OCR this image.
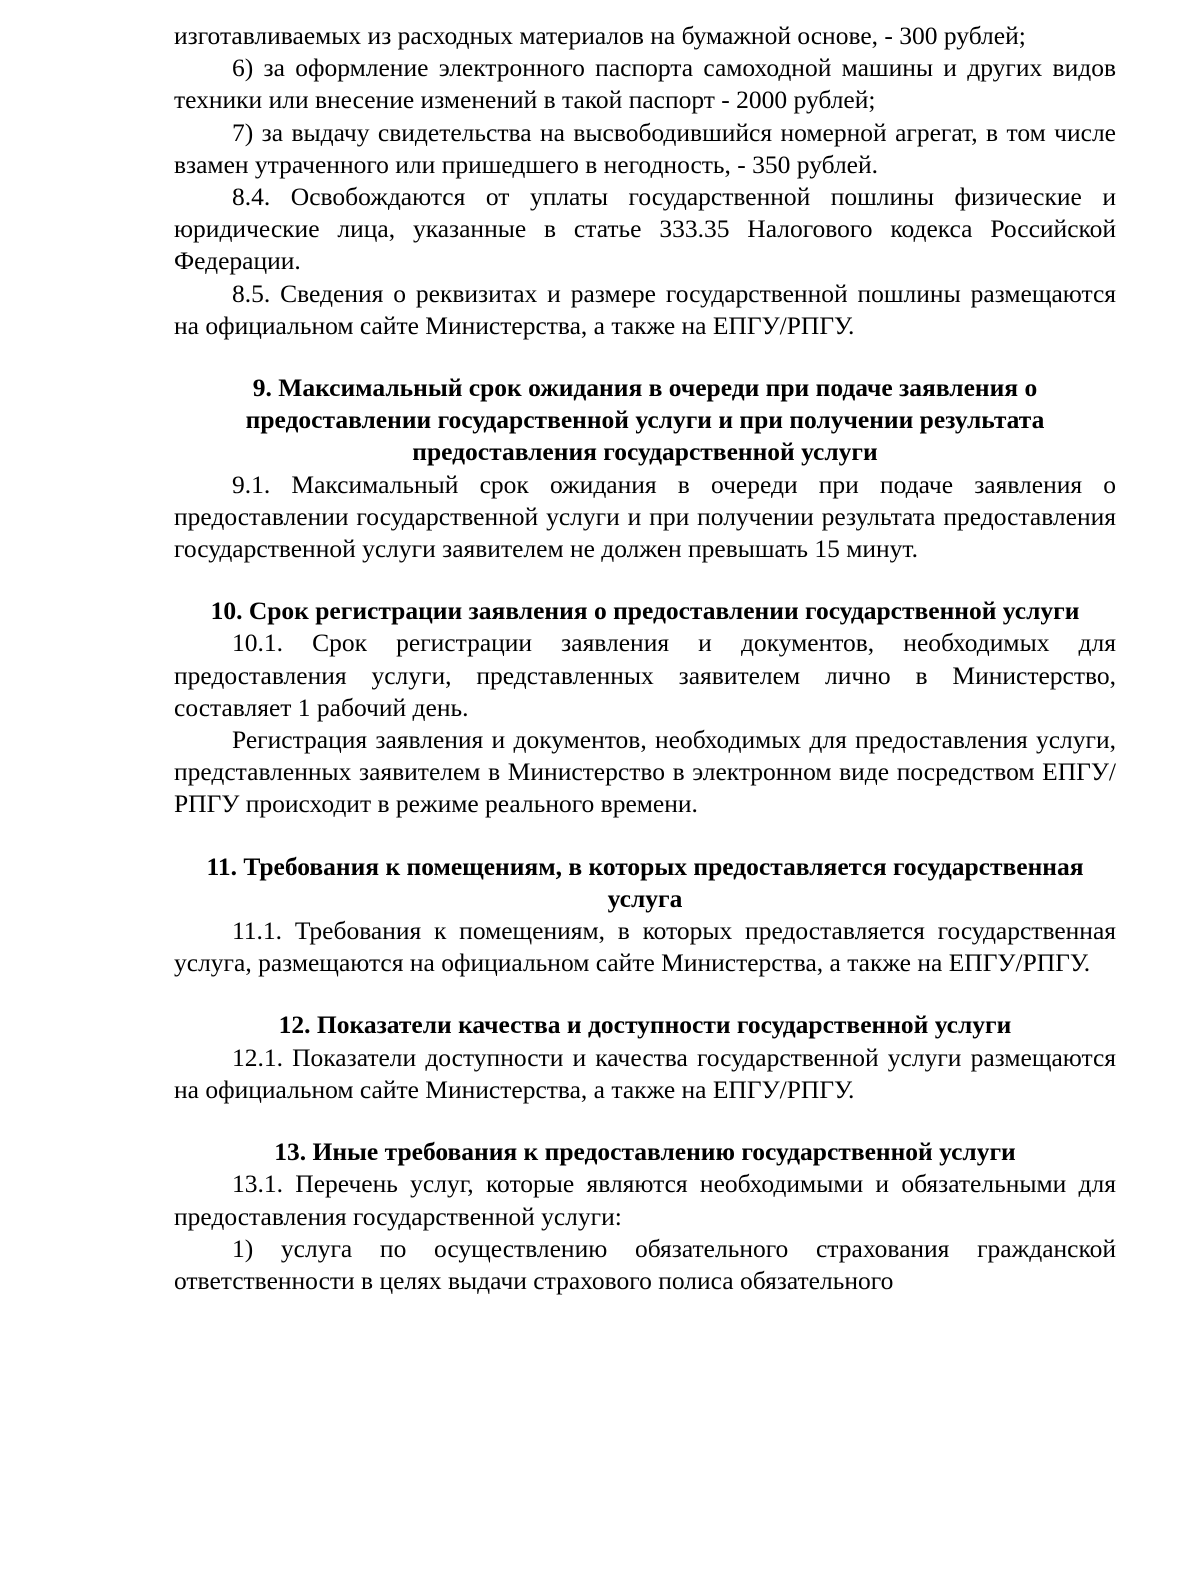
изготавливаемых из расходных материалов на бумажной основе, - 300 рублей;

6) за оформление электронного паспорта самоходной машины и других видов техники или внесение изменений в такой паспорт - 2000 рублей;

7) за выдачу свидетельства на высвободившийся номерной агрегат, в том числе взамен утраченного или пришедшего в негодность, - 350 рублей.

8.4. Освобождаются от уплаты государственной пошлины физические и юридические лица, указанные в статье 333.35 Налогового кодекса Российской Федерации.

8.5. Сведения о реквизитах и размере государственной пошлины размещаются на официальном сайте Министерства, а также на ЕПГУ/РПГУ.

9. Максимальный срок ожидания в очереди при подаче заявления о предоставлении государственной услуги и при получении результата предоставления государственной услуги

9.1. Максимальный срок ожидания в очереди при подаче заявления о предоставлении государственной услуги и при получении результата предоставления государственной услуги заявителем не должен превышать 15 минут.

10. Срок регистрации заявления о предоставлении государственной услуги

10.1. Срок регистрации заявления и документов, необходимых для предоставления услуги, представленных заявителем лично в Министерство, составляет 1 рабочий день.

Регистрация заявления и документов, необходимых для предоставления услуги, представленных заявителем в Министерство в электронном виде посредством ЕПГУ/РПГУ происходит в режиме реального времени.

11. Требования к помещениям, в которых предоставляется государственная услуга

11.1. Требования к помещениям, в которых предоставляется государственная услуга, размещаются на официальном сайте Министерства, а также на ЕПГУ/РПГУ.

12. Показатели качества и доступности государственной услуги

12.1. Показатели доступности и качества государственной услуги размещаются на официальном сайте Министерства, а также на ЕПГУ/РПГУ.

13. Иные требования к предоставлению государственной услуги

13.1. Перечень услуг, которые являются необходимыми и обязательными для предоставления государственной услуги:

1) услуга по осуществлению обязательного страхования гражданской ответственности в целях выдачи страхового полиса обязательного
